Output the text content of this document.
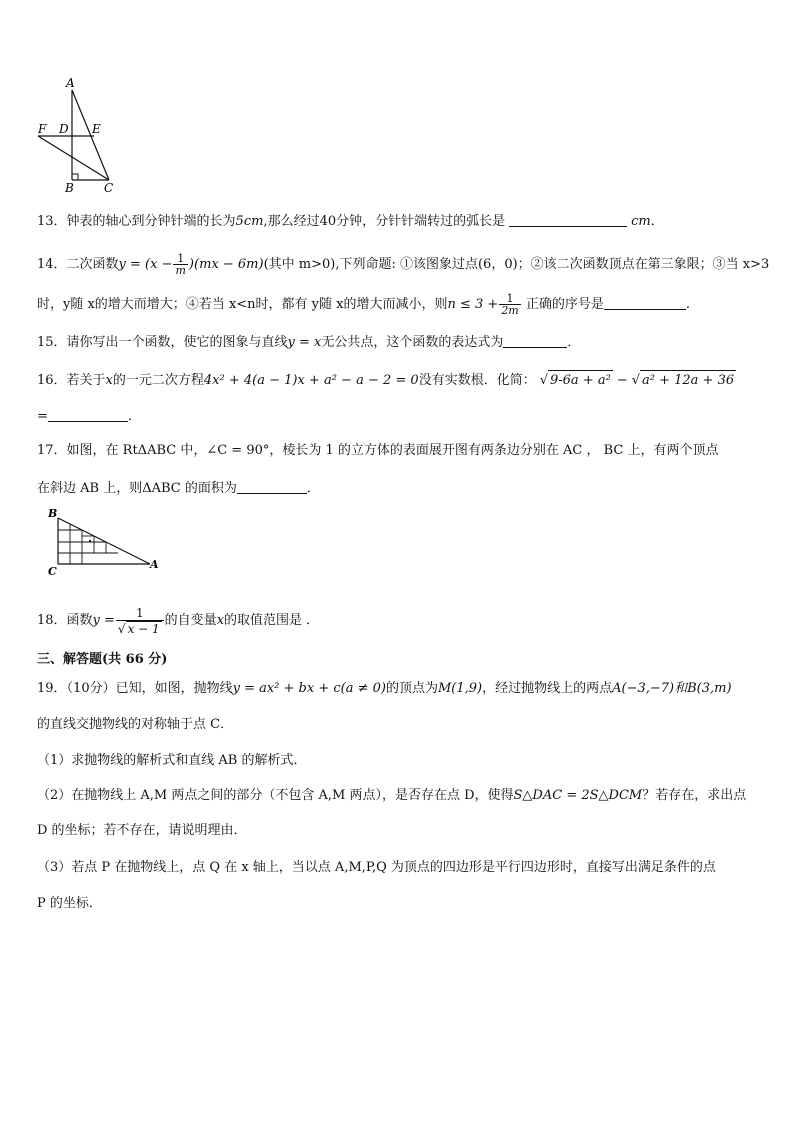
A
F D E
B	C
13．钟表的轴心到分钟针端的长为5cm,那么经过40分钟，分针针端转过的弧长是	cm．
14．二次函数$y = (x - \frac{1}{m} )(mx - 6m)$(其中 m>0),下列命题: ①该图象过点(6，0)；②该二次函数顶点在第三象限；③当 x>3
时，y随 x的增大而增大；④若当 x<n时，都有 y随 x的增大而减小，则$n \le 3 + \frac{1}{2m}$ 正确的序号是	.
15．请你写出一个函数，使它的图象与直线y = x无公共点，这个函数的表达式为	．
16．若关于x的一元二次方程4x² + 4(a − 1)x + a² − a − 2 = 0没有实数根．化简： √ 9-6a + a² − √ a² + 12a + 36
=	．
17．如图，在 RtΔABC 中，∠C = 90°，棱长为 1 的立方体的表面展开图有两条边分别在 AC ， BC 上，有两个顶点
在斜边 AB 上，则ΔABC 的面积为	．
B
C
A
18．函数$y = \frac{1}{√ x - 1}$ 的自变量x的取值范围是 ．
三、解答题(共 66 分)
19．（10分）已知，如图，抛物线y = ax² + bx + c(a ≠ 0)的顶点为M(1,9)，经过抛物线上的两点A(−3,−7)和B(3,m)
的直线交抛物线的对称轴于点 C．
（1）求抛物线的解析式和直线 AB 的解析式．
（2）在抛物线上 A,M 两点之间的部分（不包含 A,M 两点），是否存在点 D，使得S△DAC = 2S△DCM？若存在，求出点
D 的坐标；若不存在，请说明理由．
（3）若点 P 在抛物线上，点 Q 在 x 轴上，当以点 A,M,P,Q 为顶点的四边形是平行四边形时，直接写出满足条件的点
P 的坐标．
